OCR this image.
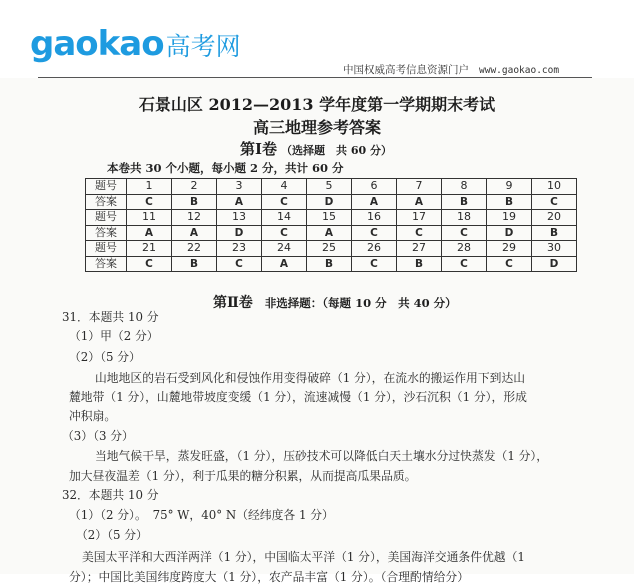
gaokao高考网
中国权威高考信息资源门户 www.gaokao.com
石景山区 2012—2013 学年度第一学期期末考试
高三地理参考答案
第Ⅰ卷 （选择题　共 60 分）
本卷共 30 个小题，每小题 2 分，共计 60 分
题号	1	2	3	4	5	6	7	8	9	10
答案	C	B	A	C	D	A	A	B	B	C
题号	11	12	13	14	15	16	17	18	19	20
答案	A	A	D	C	A	C	C	C	D	B
题号	21	22	23	24	25	26	27	28	29	30
答案	C	B	C	A	B	C	B	C	C	D
第Ⅱ卷 非选择题：（每题 10 分　共 40 分）
31．本题共 10 分
（1）甲（2 分）
（2）（5 分）
山地地区的岩石受到风化和侵蚀作用变得破碎（1 分），在流水的搬运作用下到达山
麓地带（1 分），山麓地带坡度变缓（1 分），流速减慢（1 分），沙石沉积（1 分），形成
冲积扇。
（3）（3 分）
当地气候干旱，蒸发旺盛，（1 分），压砂技术可以降低白天土壤水分过快蒸发（1 分），
加大昼夜温差（1 分），利于瓜果的糖分积累，从而提高瓜果品质。
32．本题共 10 分
（1）（2 分）。　75° W，40° N（经纬度各 1 分）
（2）（5 分）
美国太平洋和大西洋两洋（1 分），中国临太平洋（1 分），美国海洋交通条件优越（1
分）；中国比美国纬度跨度大（1 分），农产品丰富（1 分）。（合理酌情给分）
